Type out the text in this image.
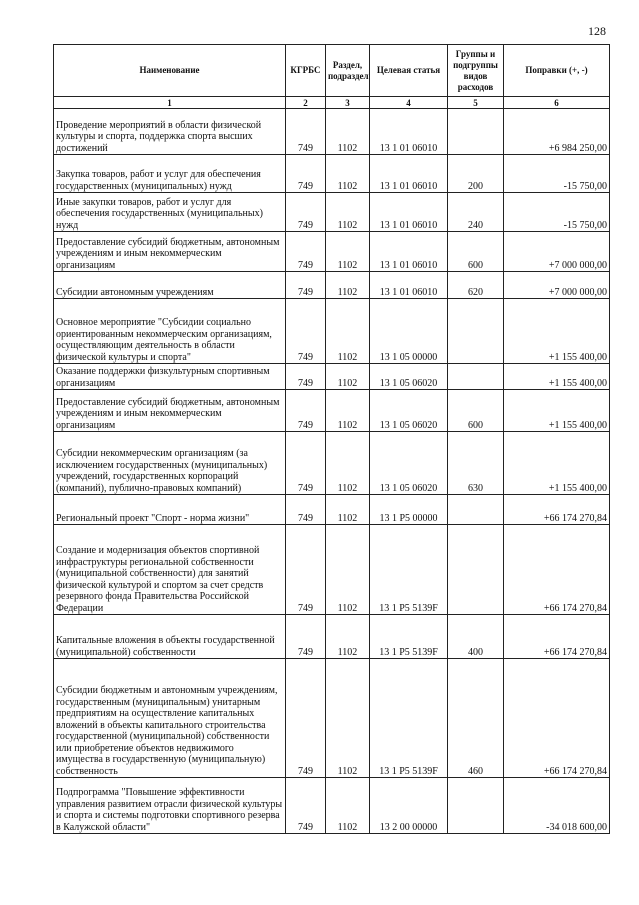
128
Наименование	КГРБС	Раздел, подраздел	Целевая статья	Группы и подгруппы видов расходов	Поправки (+, -)
1	2	3	4	5	6
Проведение мероприятий в области физической культуры и спорта, поддержка спорта высших достижений	749	1102	13 1 01 06010		+6 984 250,00
Закупка товаров, работ и услуг для обеспечения государственных (муниципальных) нужд	749	1102	13 1 01 06010	200	-15 750,00
Иные закупки товаров, работ и услуг для обеспечения государственных (муниципальных) нужд	749	1102	13 1 01 06010	240	-15 750,00
Предоставление субсидий бюджетным, автономным учреждениям и иным некоммерческим организациям	749	1102	13 1 01 06010	600	+7 000 000,00
Субсидии автономным учреждениям	749	1102	13 1 01 06010	620	+7 000 000,00
Основное мероприятие "Субсидии социально ориентированным некоммерческим организациям, осуществляющим деятельность в области физической культуры и спорта"	749	1102	13 1 05 00000		+1 155 400,00
Оказание поддержки физкультурным спортивным организациям	749	1102	13 1 05 06020		+1 155 400,00
Предоставление субсидий бюджетным, автономным учреждениям и иным некоммерческим организациям	749	1102	13 1 05 06020	600	+1 155 400,00
Субсидии некоммерческим организациям (за исключением государственных (муниципальных) учреждений, государственных корпораций (компаний), публично-правовых компаний)	749	1102	13 1 05 06020	630	+1 155 400,00
Региональный проект "Спорт - норма жизни"	749	1102	13 1 P5 00000		+66 174 270,84
Создание и модернизация объектов спортивной инфраструктуры региональной собственности (муниципальной собственности) для занятий физической культурой и спортом за счет средств резервного фонда Правительства Российской Федерации	749	1102	13 1 P5 5139F		+66 174 270,84
Капитальные вложения в объекты государственной (муниципальной) собственности	749	1102	13 1 P5 5139F	400	+66 174 270,84
Субсидии бюджетным и автономным учреждениям, государственным (муниципальным) унитарным предприятиям на осуществление капитальных вложений в объекты капитального строительства государственной (муниципальной) собственности или приобретение объектов недвижимого имущества в государственную (муниципальную) собственность	749	1102	13 1 P5 5139F	460	+66 174 270,84
Подпрограмма "Повышение эффективности управления развитием отрасли физической культуры и спорта и системы подготовки спортивного резерва в Калужской области"	749	1102	13 2 00 00000		-34 018 600,00
